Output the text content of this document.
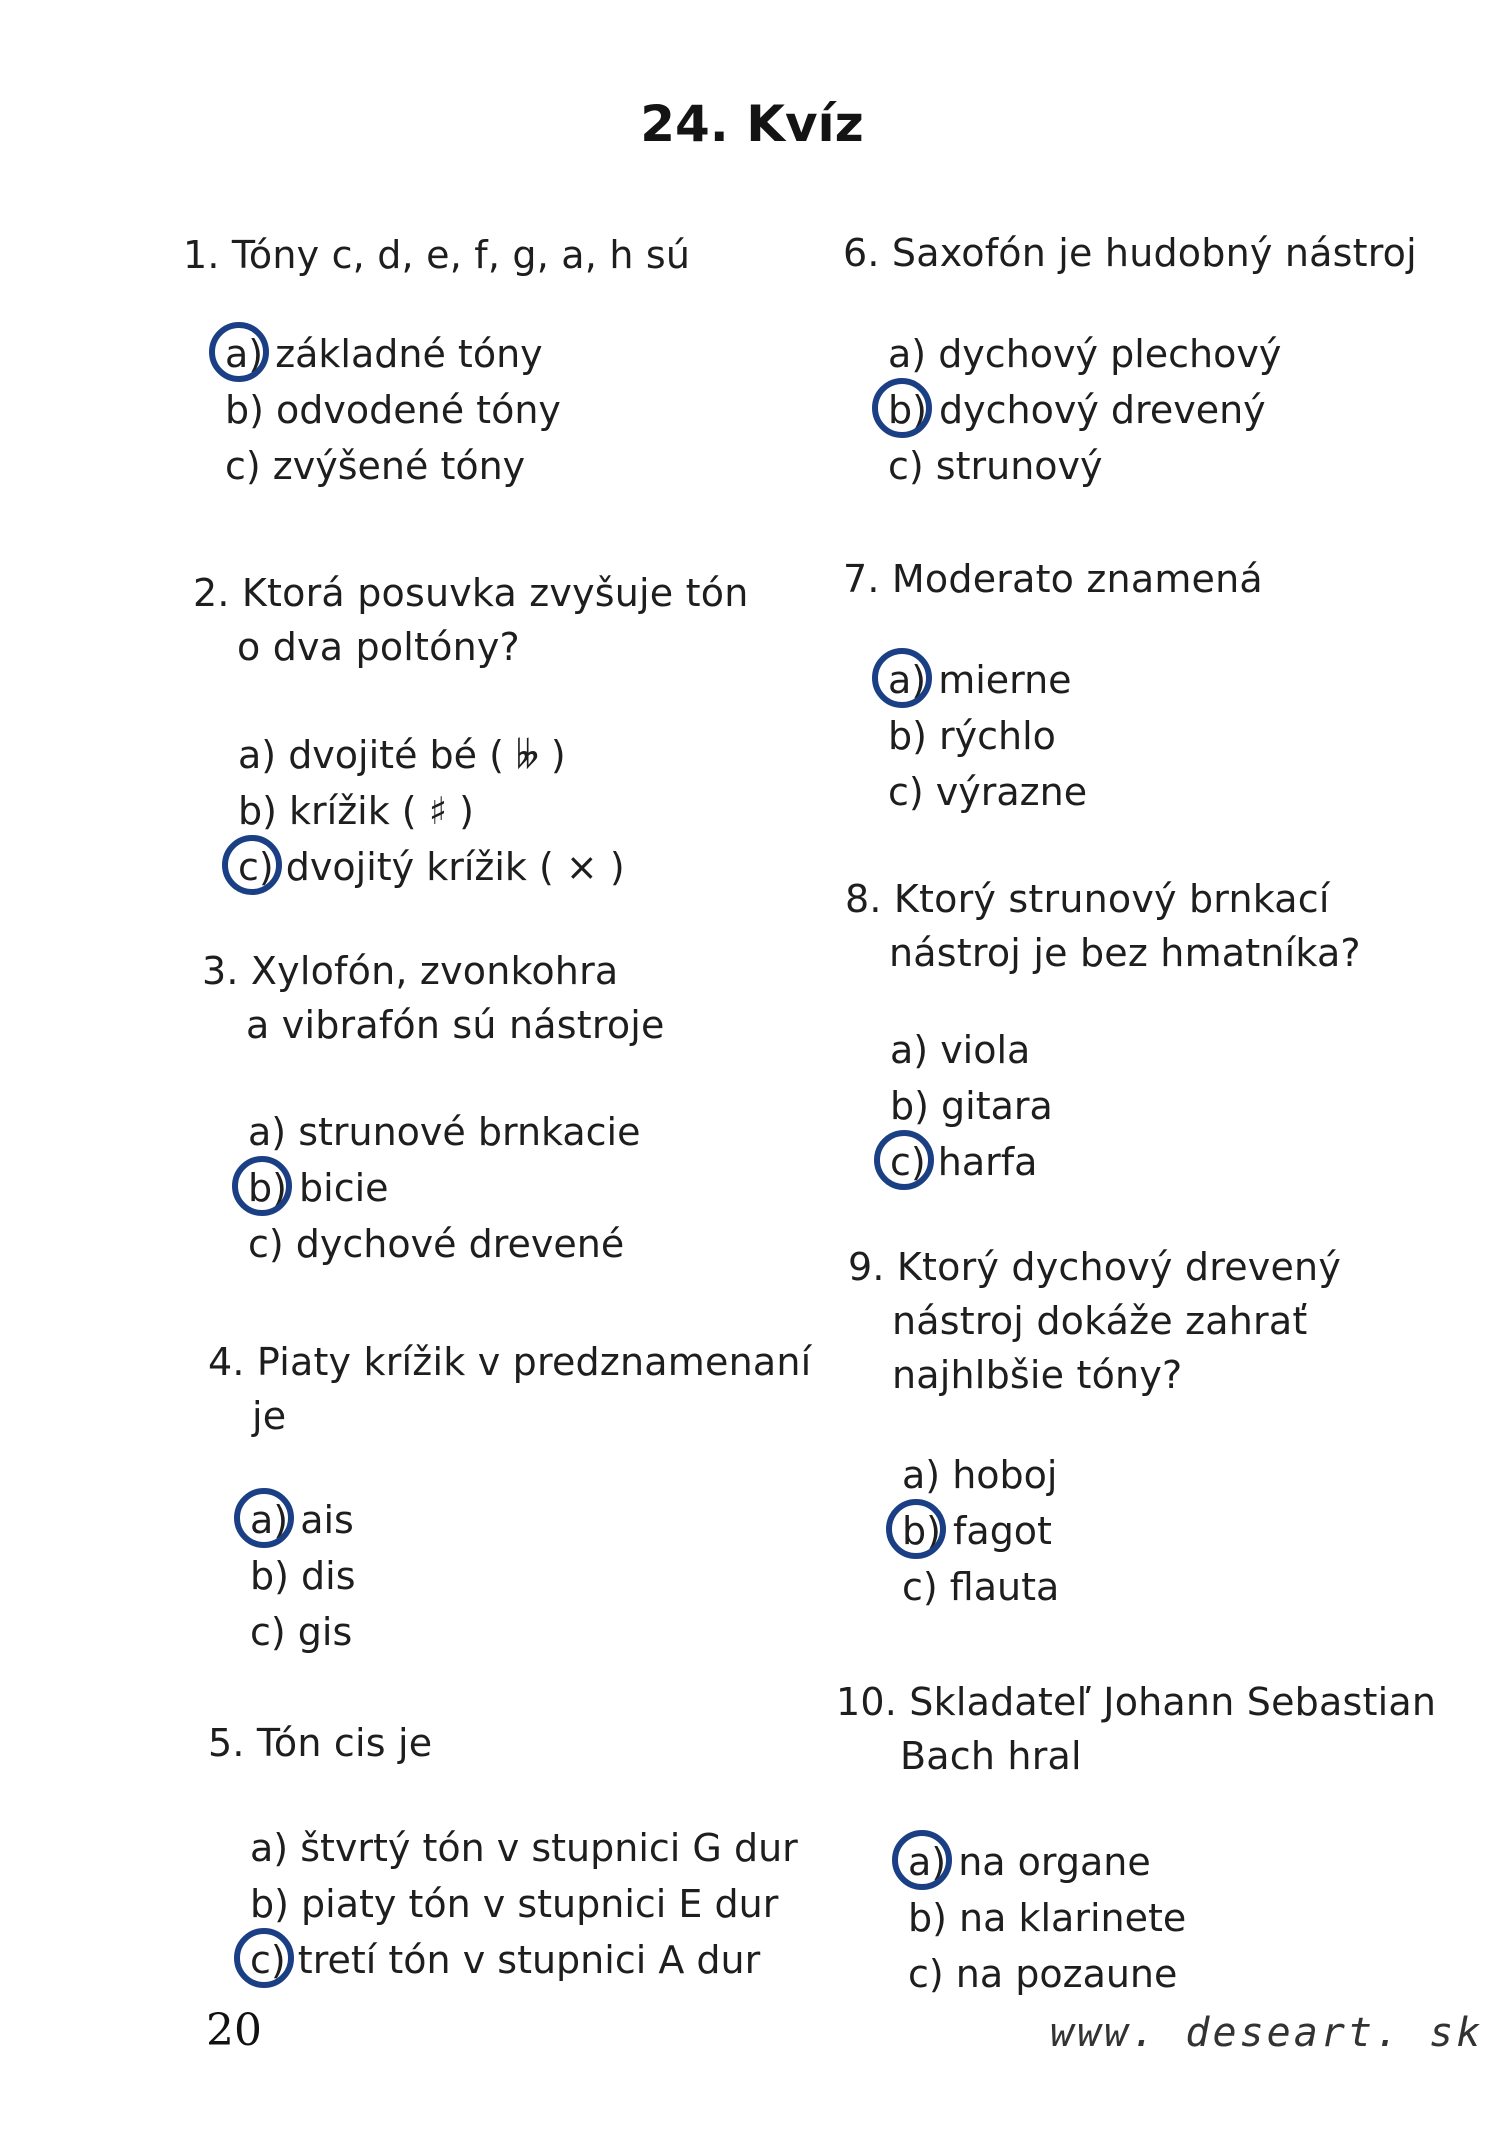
24. Kvíz
1. Tóny c, d, e, f, g, a, h sú
a) základné tóny
b) odvodené tóny
c) zvýšené tóny
2. Ktorá posuvka zvyšuje tón
o dva poltóny?
a) dvojité bé ( 𝄫 )
b) krížik ( ♯ )
c) dvojitý krížik ( × )
3. Xylofón, zvonkohra
a vibrafón sú nástroje
a) strunové brnkacie
b) bicie
c) dychové drevené
4. Piaty krížik v predznamenaní
je
a) ais
b) dis
c) gis
5. Tón cis je
a) štvrtý tón v stupnici G dur
b) piaty tón v stupnici E dur
c) tretí tón v stupnici A dur
6. Saxofón je hudobný nástroj
a) dychový plechový
b) dychový drevený
c) strunový
7. Moderato znamená
a) mierne
b) rýchlo
c) výrazne
8. Ktorý strunový brnkací
nástroj je bez hmatníka?
a) viola
b) gitara
c) harfa
9. Ktorý dychový drevený
nástroj dokáže zahrať
najhlbšie tóny?
a) hoboj
b) fagot
c) flauta
10. Skladateľ Johann Sebastian
Bach hral
a) na organe
b) na klarinete
c) na pozaune
20	www. deseart. sk
